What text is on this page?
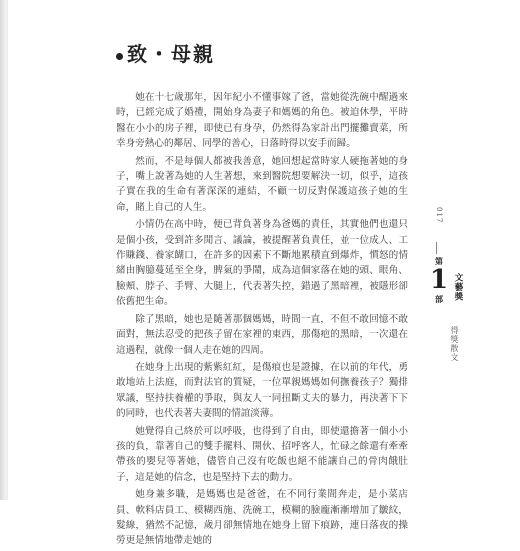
致・母親

她在十七歲那年，因年紀小不懂事嫁了爸，當她從洗碗中醒過來時，已經完成了婚禮，開始身為妻子和媽媽的角色。被迫休學，平時醫在小小的房子裡，即使已有身孕，仍然得為家計出門擺攤賣菜，所幸身旁熱心的鄰居、同學的善心，日落時得以安手而歸。

然而，不是每個人都被我善意，她回想起當時家人硬拖著她的身子，嘴上說著為她的人生著想，來到醫院想要解決一切，似乎，這孩子實在我的生命有著深深的連結，不顧一切反對保護這孩子她的生命，賭上自己的人生。

小情仍在高中時，便已背負著身為爸媽的責任，其實他們也還只是個小孩，受到許多閒言、議論，被提醒著負責任，並一位成人、工作賺錢、養家餬口，在許多的因素下不斷地累積直到爆炸，慣怒的情緒由胸臆蔓延至全身，脾氣的爭鬧，成為這個家落在她的頭、眼角、臉頰、脖子、手臂、大腿上，代表著失控，錯過了黑暗裡，被隱形卻依舊把生命。

除了黑暗，她也是隨著那個媽媽，時間一直，不但不敢回憶不敢面對，無法忍受的把孩子留在家裡的東西，那傷疤的黑暗，一次還在這過程，就像一個人走在她的四周。

在她身上出現的紫紫紅紅，是傷痕也是證據，在以前的年代，勇敢地站上法庭，而對法官的質疑，一位單親媽媽如何撫養孩子？獨排眾議，堅持扶養權的爭取，與友人一同扭斷丈夫的暴力，再決著下下的同時，也代表著夫妻間的情誼淡薄。

她覺得自己終於可以呼吸，也得到了自由，即使還擔著一個小小孩的負，靠著自己的雙手擺料、開伙、招呼客人，忙碌之餘還有牽牽帶孩的嬰兒等著她，儘管自己沒有吃飯也絕不能讓自己的骨肉餓肚子，這是她的信念，也是堅持下去的動力。

她身兼多職，是媽媽也是爸爸，在不同行業間奔走，是小菜店員、軟料店員工、模糊西施、洗碗工，模糊的臉龐漸漸增加了皺紋，髮線，猶然不記憶，歲月卻無情地在她身上留下痕跡，連日落夜的操勞更是無情地帶走她的

017
第
1
部 文藝獎
得獎散文
